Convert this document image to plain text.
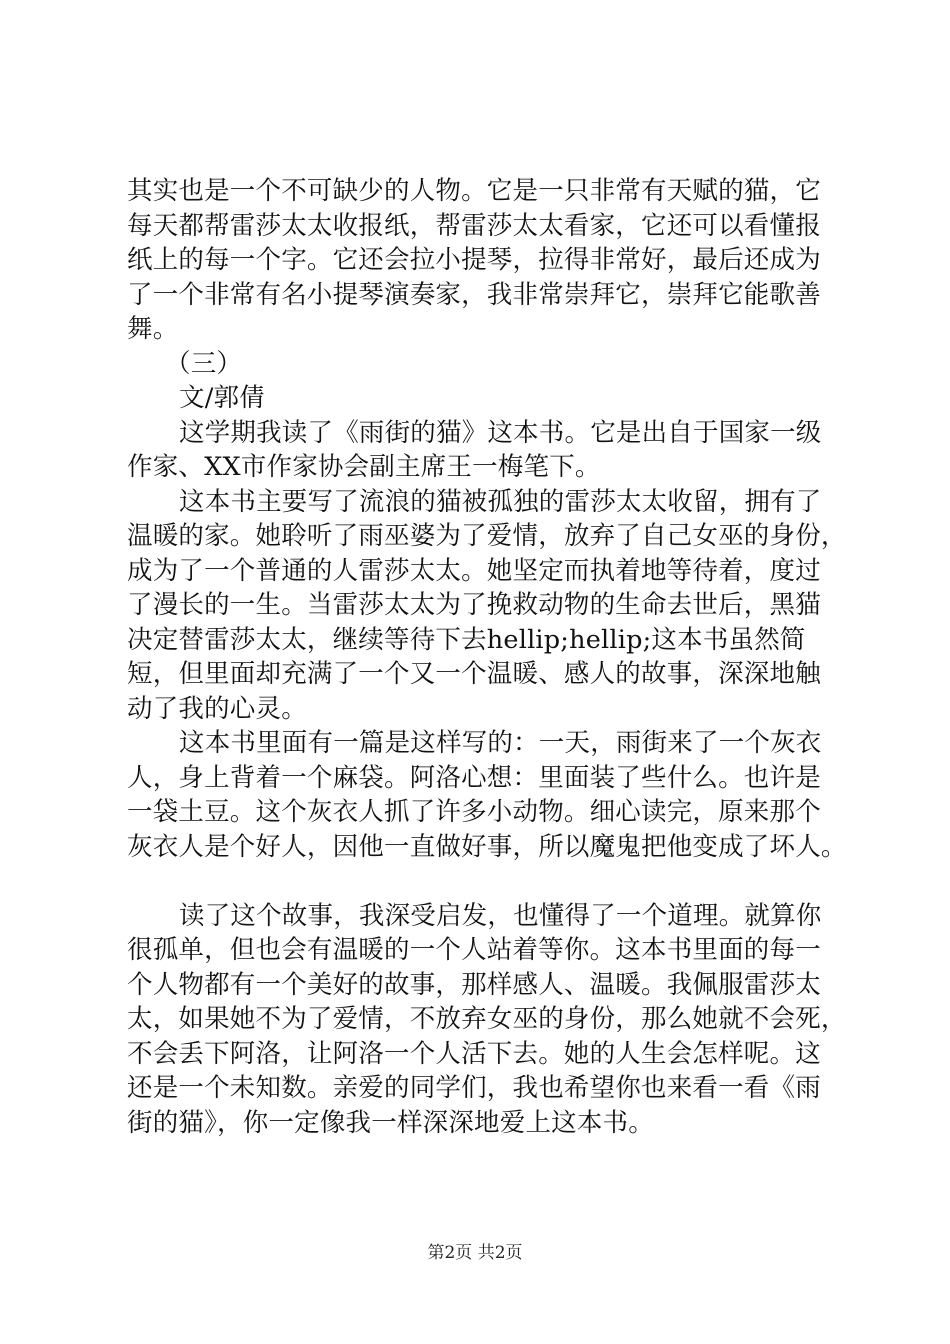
其实也是一个不可缺少的人物。它是一只非常有天赋的猫，它
每天都帮雷莎太太收报纸，帮雷莎太太看家，它还可以看懂报
纸上的每一个字。它还会拉小提琴，拉得非常好，最后还成为
了一个非常有名小提琴演奏家，我非常崇拜它，崇拜它能歌善
舞。
（三）
文/郭倩
这学期我读了《雨街的猫》这本书。它是出自于国家一级
作家、XX市作家协会副主席王一梅笔下。
这本书主要写了流浪的猫被孤独的雷莎太太收留，拥有了
温暖的家。她聆听了雨巫婆为了爱情，放弃了自己女巫的身份，
成为了一个普通的人雷莎太太。她坚定而执着地等待着，度过
了漫长的一生。当雷莎太太为了挽救动物的生命去世后，黑猫
决定替雷莎太太，继续等待下去hellip;hellip;这本书虽然简
短，但里面却充满了一个又一个温暖、感人的故事，深深地触
动了我的心灵。
这本书里面有一篇是这样写的：一天，雨街来了一个灰衣
人，身上背着一个麻袋。阿洛心想：里面装了些什么。也许是
一袋土豆。这个灰衣人抓了许多小动物。细心读完，原来那个
灰衣人是个好人，因他一直做好事，所以魔鬼把他变成了坏人。
读了这个故事，我深受启发，也懂得了一个道理。就算你
很孤单，但也会有温暖的一个人站着等你。这本书里面的每一
个人物都有一个美好的故事，那样感人、温暖。我佩服雷莎太
太，如果她不为了爱情，不放弃女巫的身份，那么她就不会死，
不会丢下阿洛，让阿洛一个人活下去。她的人生会怎样呢。这
还是一个未知数。亲爱的同学们，我也希望你也来看一看《雨
街的猫》，你一定像我一样深深地爱上这本书。
第2页 共2页
